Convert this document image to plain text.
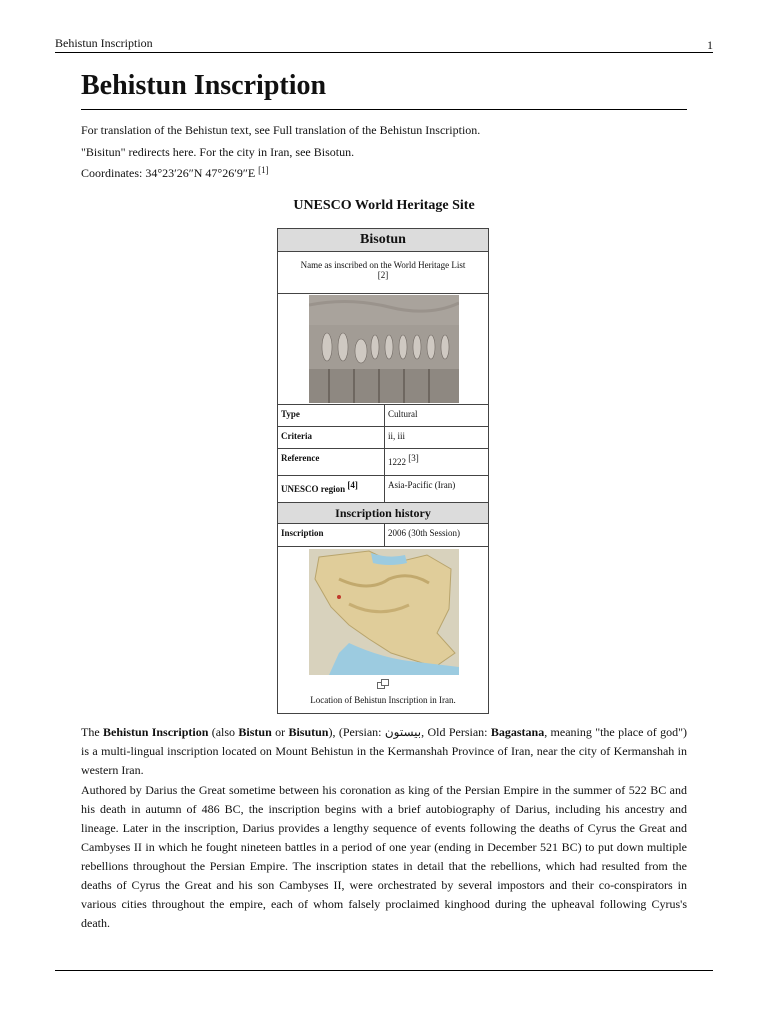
Behistun Inscription	1
Behistun Inscription
For translation of the Behistun text, see Full translation of the Behistun Inscription.
"Bisitun" redirects here. For the city in Iran, see Bisotun.
Coordinates: 34°23′26″N 47°26′9″E [1]
UNESCO World Heritage Site
Bisotun
Name as inscribed on the World Heritage List
[2]
Type	Cultural
Criteria	ii, iii
Reference	1222 [3]
UNESCO region [4]	Asia-Pacific (Iran)
Inscription history
Inscription	2006 (30th Session)
Location of Behistun Inscription in Iran.

The Behistun Inscription (also Bistun or Bisutun), (Persian: بیستون, Old Persian: Bagastana, meaning "the place of god") is a multi-lingual inscription located on Mount Behistun in the Kermanshah Province of Iran, near the city of Kermanshah in western Iran.

Authored by Darius the Great sometime between his coronation as king of the Persian Empire in the summer of 522 BC and his death in autumn of 486 BC, the inscription begins with a brief autobiography of Darius, including his ancestry and lineage. Later in the inscription, Darius provides a lengthy sequence of events following the deaths of Cyrus the Great and Cambyses II in which he fought nineteen battles in a period of one year (ending in December 521 BC) to put down multiple rebellions throughout the Persian Empire. The inscription states in detail that the rebellions, which had resulted from the deaths of Cyrus the Great and his son Cambyses II, were orchestrated by several impostors and their co-conspirators in various cities throughout the empire, each of whom falsely proclaimed kinghood during the upheaval following Cyrus's death.
